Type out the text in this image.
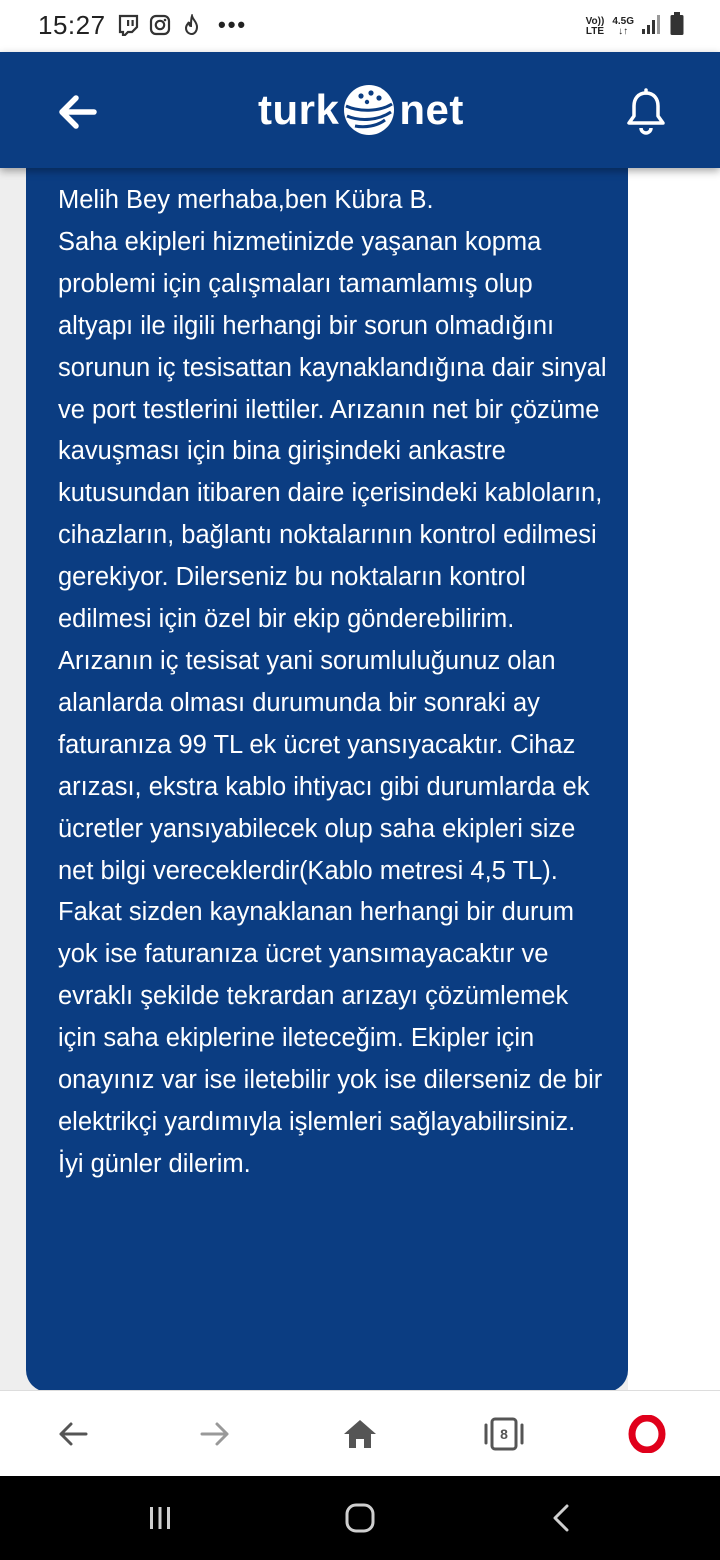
15:27	•••	Vo))
LTE
4.5G
↓↑
turk net
Melih Bey merhaba,ben Kübra B.
Saha ekipleri hizmetinizde yaşanan kopma problemi için çalışmaları tamamlamış olup altyapı ile ilgili herhangi bir sorun olmadığını sorunun iç tesisattan kaynaklandığına dair sinyal ve port testlerini ilettiler. Arızanın net bir çözüme kavuşması için bina girişindeki ankastre kutusundan itibaren daire içerisindeki kabloların, cihazların, bağlantı noktalarının kontrol edilmesi gerekiyor. Dilerseniz bu noktaların kontrol edilmesi için özel bir ekip gönderebilirim. Arızanın iç tesisat yani sorumluluğunuz olan alanlarda olması durumunda bir sonraki ay faturanıza 99 TL ek ücret yansıyacaktır. Cihaz arızası, ekstra kablo ihtiyacı gibi durumlarda ek ücretler yansıyabilecek olup saha ekipleri size net bilgi vereceklerdir(Kablo metresi 4,5 TL). Fakat sizden kaynaklanan herhangi bir durum yok ise faturanıza ücret yansımayacaktır ve evraklı şekilde tekrardan arızayı çözümlemek için saha ekiplerine ileteceğim. Ekipler için onayınız var ise iletebilir yok ise dilerseniz de bir elektrikçi yardımıyla işlemleri sağlayabilirsiniz.
İyi günler dilerim.
8
